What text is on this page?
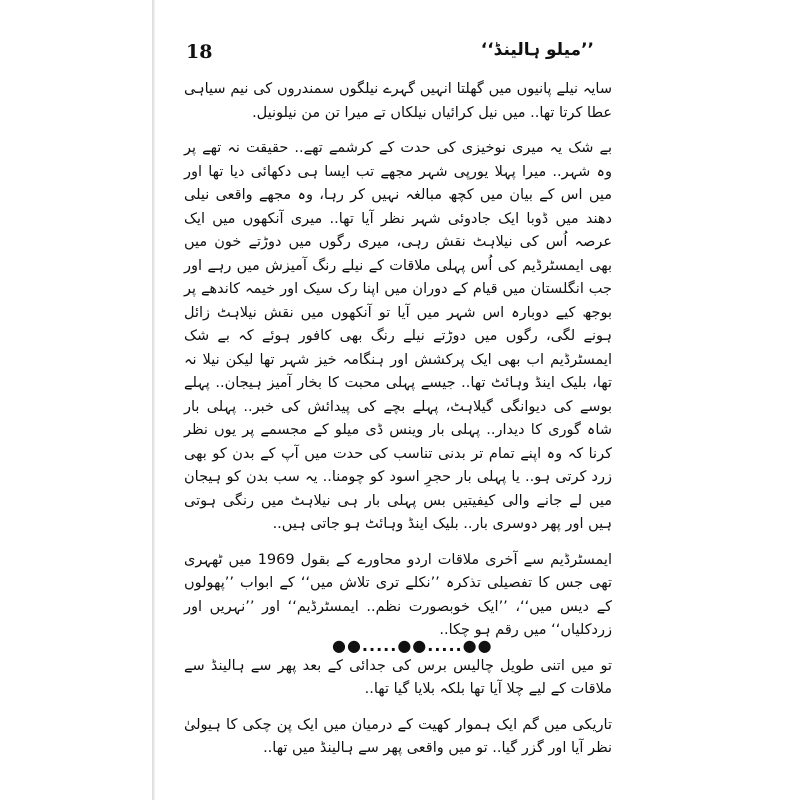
18	’’میلو ہالینڈ‘‘

سایہ نیلے پانیوں میں گھلتا انہیں گہرے نیلگوں سمندروں کی نیم سیاہی عطا کرتا تھا.. میں نیل کرائیاں نیلکاں تے میرا تن من نیلونیل.

بے شک یہ میری نوخیزی کی حدت کے کرشمے تھے.. حقیقت نہ تھے پر وہ شہر.. میرا پہلا یورپی شہر مجھے تب ایسا ہی دکھائی دیا تھا اور میں اس کے بیان میں کچھ مبالغہ نہیں کر رہا، وہ مجھے واقعی نیلی دھند میں ڈوبا ایک جادوئی شہر نظر آیا تھا.. میری آنکھوں میں ایک عرصہ اُس کی نیلاہٹ نقش رہی، میری رگوں میں دوڑتے خون میں بھی ایمسٹرڈیم کی اُس پہلی ملاقات کے نیلے رنگ آمیزش میں رہے اور جب انگلستان میں قیام کے دوران میں اپنا رک سیک اور خیمہ کاندھے پر بوجھ کیے دوبارہ اس شہر میں آیا تو آنکھوں میں نقش نیلاہٹ زائل ہونے لگی، رگوں میں دوڑتے نیلے رنگ بھی کافور ہوئے کہ بے شک ایمسٹرڈیم اب بھی ایک پرکشش اور ہنگامہ خیز شہر تھا لیکن نیلا نہ تھا، بلیک اینڈ وہائٹ تھا.. جیسے پہلی محبت کا بخار آمیز ہیجان.. پہلے بوسے کی دیوانگی گیلاہٹ، پہلے بچے کی پیدائش کی خبر.. پہلی بار شاہ گوری کا دیدار.. پہلی بار وینس ڈی میلو کے مجسمے پر یوں نظر کرنا کہ وہ اپنے تمام تر بدنی تناسب کی حدت میں آپ کے بدن کو بھی زرد کرتی ہو.. یا پہلی بار حجرِ اسود کو چومنا.. یہ سب بدن کو ہیجان میں لے جانے والی کیفیتیں بس پہلی بار ہی نیلاہٹ میں رنگی ہوتی ہیں اور پھر دوسری بار.. بلیک اینڈ وہائٹ ہو جاتی ہیں..

ایمسٹرڈیم سے آخری ملاقات اردو محاورے کے بقول 1969 میں ٹھہری تھی جس کا تفصیلی تذکرہ ’’نکلے تری تلاش میں‘‘ کے ابواب ’’پھولوں کے دیس میں‘‘، ’’ایک خوبصورت نظم.. ایمسٹرڈیم‘‘ اور ’’نہریں اور زردکلیاں‘‘ میں رقم ہو چکا..

تو میں اتنی طویل چالیس برس کی جدائی کے بعد پھر سے ہالینڈ سے ملاقات کے لیے چلا آیا تھا بلکہ بلایا گیا تھا..

تاریکی میں گم ایک ہموار کھیت کے درمیان میں ایک پن چکی کا ہیولیٰ نظر آیا اور گزر گیا.. تو میں واقعی پھر سے ہالینڈ میں تھا..

●●.....●●.....●●
